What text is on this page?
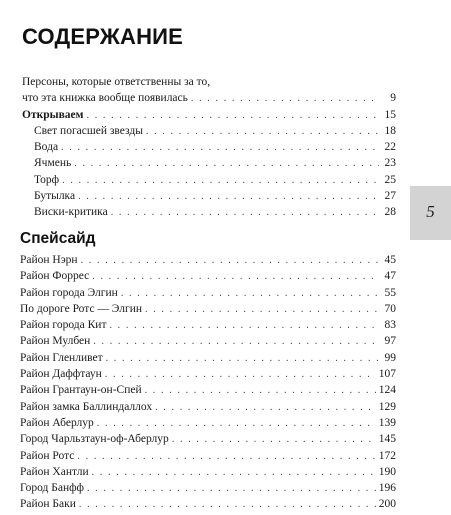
СОДЕРЖАНИЕ
Персоны, которые ответственны за то,
что эта книжка вообще появилась . . .	9
Открываем . . .	15
Свет погасшей звезды . . .	18
Вода . . .	22
Ячмень . . .	23
Торф . . .	25
Бутылка . . .	27
Виски-критика . . .	28
Спейсайд
Район Нэрн . . .	45
Район Форрес . . .	47
Район города Элгин . . .	55
По дороге Ротс — Элгин . . .	70
Район города Кит . . .	83
Район Мулбен . . .	97
Район Гленливет . . .	99
Район Даффтаун . . .	107
Район Грантаун-он-Спей . . .	124
Район замка Баллиндаллох . . .	129
Район Аберлур . . .	139
Город Чарльзтаун-оф-Аберлур . . .	145
Район Ротс . . .	172
Район Хантли . . .	190
Город Банфф . . .	196
Район Баки . . .	200
5
